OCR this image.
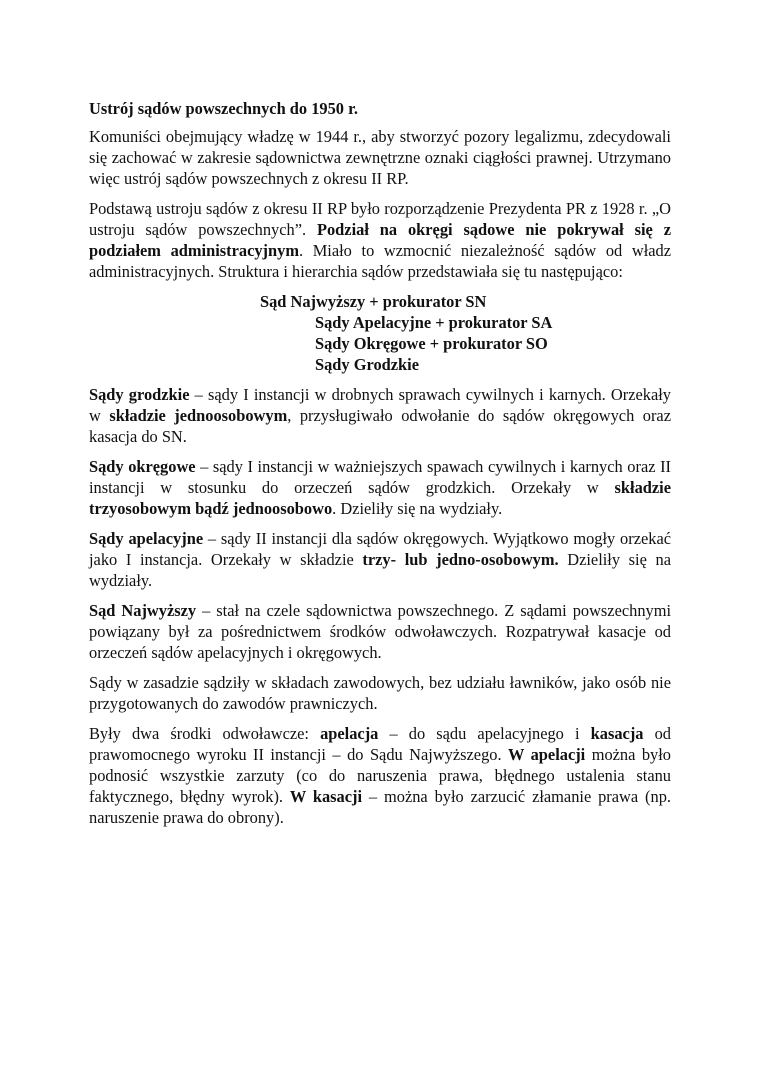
Ustrój sądów powszechnych do 1950 r.

Komuniści obejmujący władzę w 1944 r., aby stworzyć pozory legalizmu, zdecydowali się zachować w zakresie sądownictwa zewnętrzne oznaki ciągłości prawnej. Utrzymano więc ustrój sądów powszechnych z okresu II RP.

Podstawą ustroju sądów z okresu II RP było rozporządzenie Prezydenta PR z 1928 r. „O ustroju sądów powszechnych”. Podział na okręgi sądowe nie pokrywał się z podziałem administracyjnym. Miało to wzmocnić niezależność sądów od władz administracyjnych. Struktura i hierarchia sądów przedstawiała się tu następująco:

Sąd Najwyższy + prokurator SN
Sądy Apelacyjne + prokurator SA
Sądy Okręgowe + prokurator SO
Sądy Grodzkie

Sądy grodzkie – sądy I instancji w drobnych sprawach cywilnych i karnych. Orzekały w składzie jednoosobowym, przysługiwało odwołanie do sądów okręgowych oraz kasacja do SN.

Sądy okręgowe – sądy I instancji w ważniejszych spawach cywilnych i karnych oraz II instancji w stosunku do orzeczeń sądów grodzkich. Orzekały w składzie trzyosobowym bądź jednoosobowo. Dzieliły się na wydziały.

Sądy apelacyjne – sądy II instancji dla sądów okręgowych. Wyjątkowo mogły orzekać jako I instancja. Orzekały w składzie trzy- lub jedno-osobowym. Dzieliły się na wydziały.

Sąd Najwyższy – stał na czele sądownictwa powszechnego. Z sądami powszechnymi powiązany był za pośrednictwem środków odwoławczych. Rozpatrywał kasacje od orzeczeń sądów apelacyjnych i okręgowych.

Sądy w zasadzie sądziły w składach zawodowych, bez udziału ławników, jako osób nie przygotowanych do zawodów prawniczych.

Były dwa środki odwoławcze: apelacja – do sądu apelacyjnego i kasacja od prawomocnego wyroku II instancji – do Sądu Najwyższego. W apelacji można było podnosić wszystkie zarzuty (co do naruszenia prawa, błędnego ustalenia stanu faktycznego, błędny wyrok). W kasacji – można było zarzucić złamanie prawa (np. naruszenie prawa do obrony).
